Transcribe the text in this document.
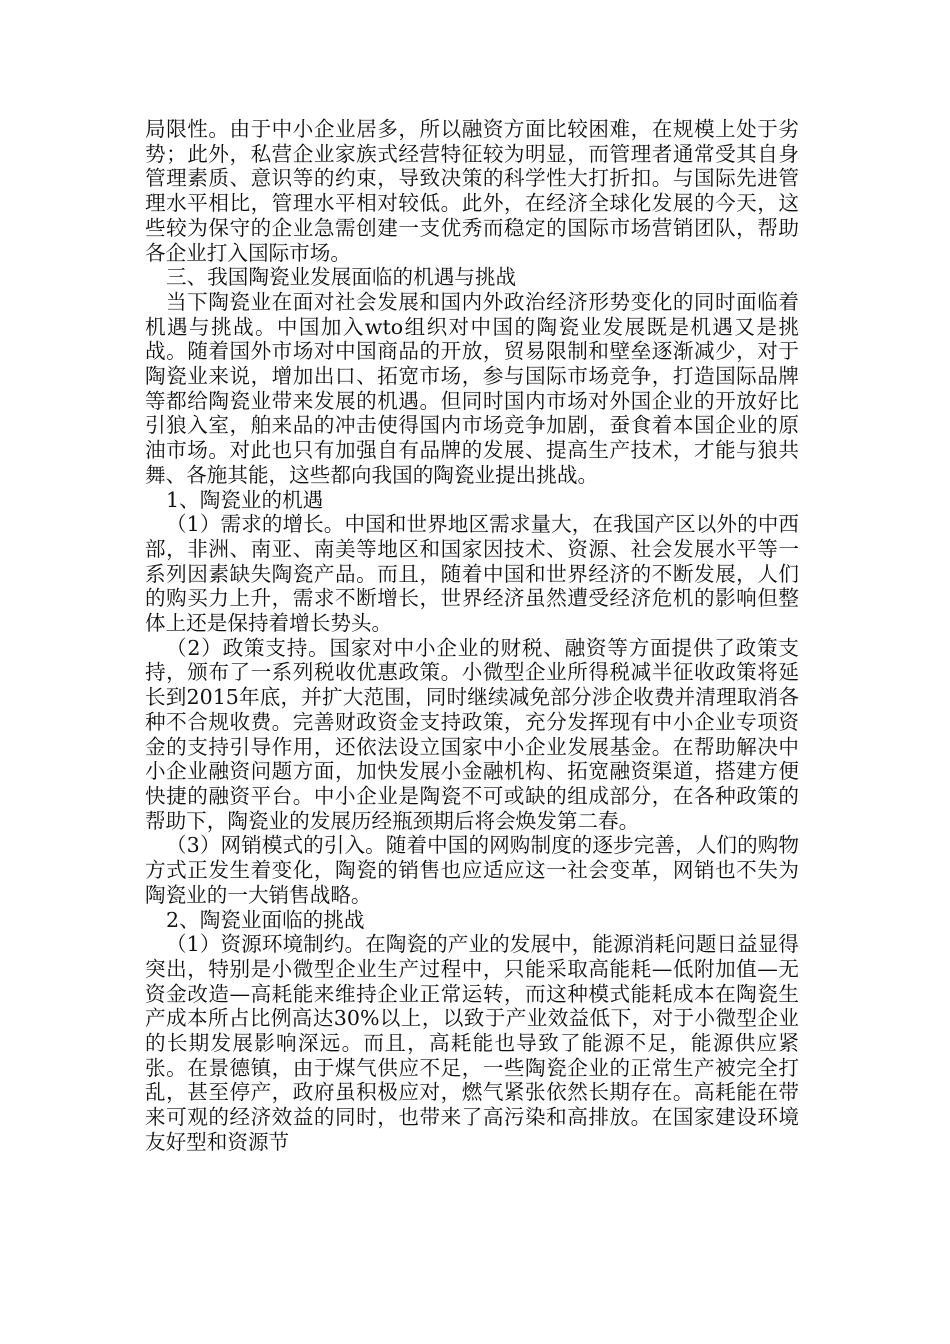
局限性。由于中小企业居多，所以融资方面比较困难，在规模上处于劣势；此外，私营企业家族式经营特征较为明显，而管理者通常受其自身管理素质、意识等的约束，导致决策的科学性大打折扣。与国际先进管理水平相比，管理水平相对较低。此外，在经济全球化发展的今天，这些较为保守的企业急需创建一支优秀而稳定的国际市场营销团队，帮助各企业打入国际市场。

三、我国陶瓷业发展面临的机遇与挑战

当下陶瓷业在面对社会发展和国内外政治经济形势变化的同时面临着机遇与挑战。中国加入wto组织对中国的陶瓷业发展既是机遇又是挑战。随着国外市场对中国商品的开放，贸易限制和壁垒逐渐减少，对于陶瓷业来说，增加出口、拓宽市场，参与国际市场竞争，打造国际品牌等都给陶瓷业带来发展的机遇。但同时国内市场对外国企业的开放好比引狼入室，舶来品的冲击使得国内市场竞争加剧，蚕食着本国企业的原油市场。对此也只有加强自有品牌的发展、提高生产技术，才能与狼共舞、各施其能，这些都向我国的陶瓷业提出挑战。

1、陶瓷业的机遇

（1）需求的增长。中国和世界地区需求量大，在我国产区以外的中西部，非洲、南亚、南美等地区和国家因技术、资源、社会发展水平等一系列因素缺失陶瓷产品。而且，随着中国和世界经济的不断发展，人们的购买力上升，需求不断增长，世界经济虽然遭受经济危机的影响但整体上还是保持着增长势头。

（2）政策支持。国家对中小企业的财税、融资等方面提供了政策支持，颁布了一系列税收优惠政策。小微型企业所得税减半征收政策将延长到2015年底，并扩大范围，同时继续减免部分涉企收费并清理取消各种不合规收费。完善财政资金支持政策，充分发挥现有中小企业专项资金的支持引导作用，还依法设立国家中小企业发展基金。在帮助解决中小企业融资问题方面，加快发展小金融机构、拓宽融资渠道，搭建方便快捷的融资平台。中小企业是陶瓷不可或缺的组成部分，在各种政策的帮助下，陶瓷业的发展历经瓶颈期后将会焕发第二春。

（3）网销模式的引入。随着中国的网购制度的逐步完善，人们的购物方式正发生着变化，陶瓷的销售也应适应这一社会变革，网销也不失为陶瓷业的一大销售战略。

2、陶瓷业面临的挑战

（1）资源环境制约。在陶瓷的产业的发展中，能源消耗问题日益显得突出，特别是小微型企业生产过程中，只能采取高能耗—低附加值—无资金改造—高耗能来维持企业正常运转，而这种模式能耗成本在陶瓷生产成本所占比例高达30%以上，以致于产业效益低下，对于小微型企业的长期发展影响深远。而且，高耗能也导致了能源不足，能源供应紧张。在景德镇，由于煤气供应不足，一些陶瓷企业的正常生产被完全打乱，甚至停产，政府虽积极应对，燃气紧张依然长期存在。高耗能在带来可观的经济效益的同时，也带来了高污染和高排放。在国家建设环境友好型和资源节
